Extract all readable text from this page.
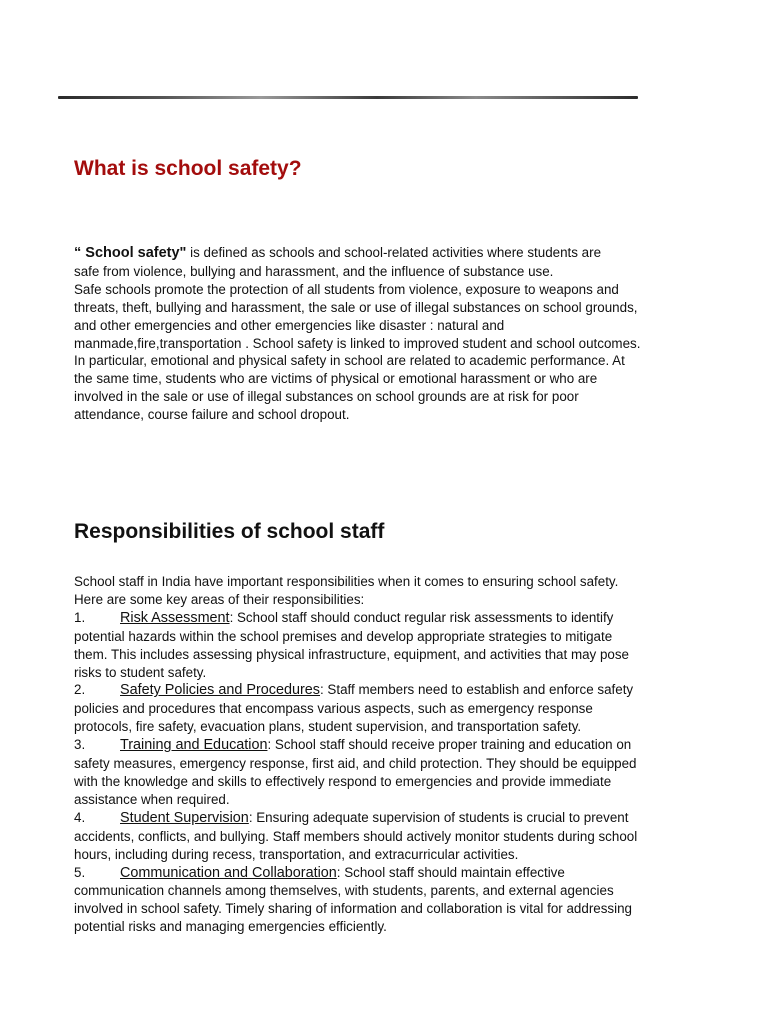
What is school safety?
“ School safety" is defined as schools and school-related activities where students are
safe from violence, bullying and harassment, and the influence of substance use.
Safe schools promote the protection of all students from violence, exposure to weapons and
threats, theft, bullying and harassment, the sale or use of illegal substances on school grounds,
and other emergencies and other emergencies like disaster : natural and
manmade,fire,transportation . School safety is linked to improved student and school outcomes.
In particular, emotional and physical safety in school are related to academic performance. At
the same time, students who are victims of physical or emotional harassment or who are
involved in the sale or use of illegal substances on school grounds are at risk for poor
attendance, course failure and school dropout.
Responsibilities of school staff
School staff in India have important responsibilities when it comes to ensuring school safety.
Here are some key areas of their responsibilities:
1. Risk Assessment: School staff should conduct regular risk assessments to identify
potential hazards within the school premises and develop appropriate strategies to mitigate
them. This includes assessing physical infrastructure, equipment, and activities that may pose
risks to student safety.
2. Safety Policies and Procedures: Staff members need to establish and enforce safety
policies and procedures that encompass various aspects, such as emergency response
protocols, fire safety, evacuation plans, student supervision, and transportation safety.
3. Training and Education: School staff should receive proper training and education on
safety measures, emergency response, first aid, and child protection. They should be equipped
with the knowledge and skills to effectively respond to emergencies and provide immediate
assistance when required.
4. Student Supervision: Ensuring adequate supervision of students is crucial to prevent
accidents, conflicts, and bullying. Staff members should actively monitor students during school
hours, including during recess, transportation, and extracurricular activities.
5. Communication and Collaboration: School staff should maintain effective
communication channels among themselves, with students, parents, and external agencies
involved in school safety. Timely sharing of information and collaboration is vital for addressing
potential risks and managing emergencies efficiently.
